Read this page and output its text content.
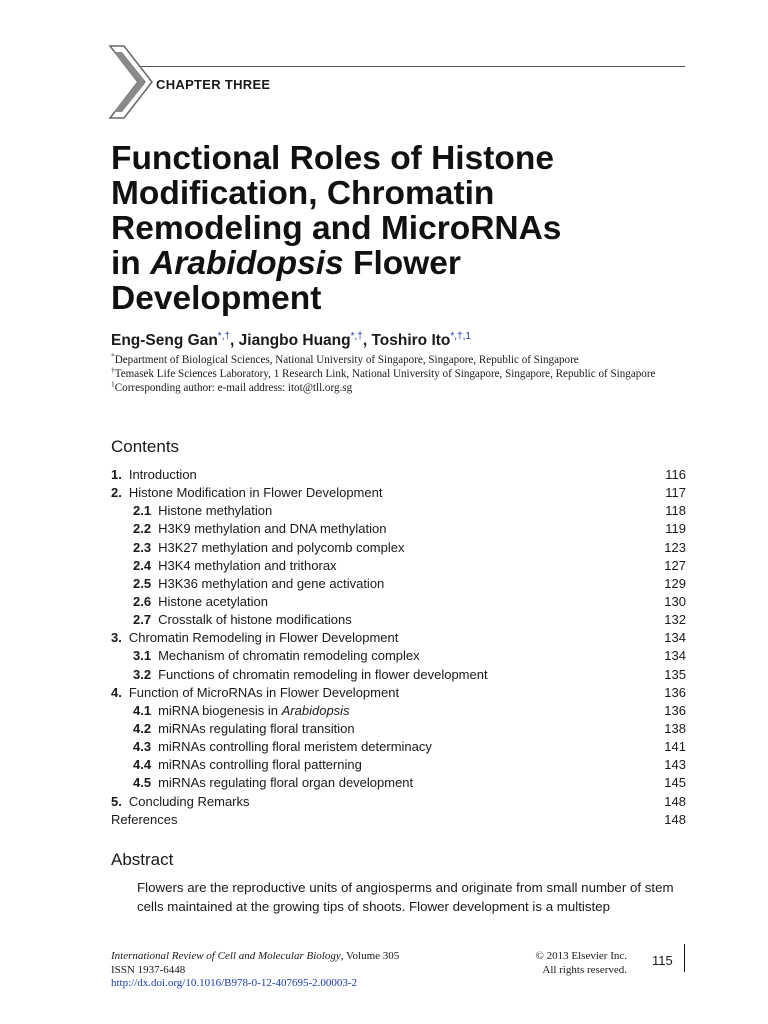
CHAPTER THREE
Functional Roles of Histone
Modification, Chromatin
Remodeling and MicroRNAs
in Arabidopsis Flower
Development
Eng-Seng Gan*,†, Jiangbo Huang*,†, Toshiro Ito$^{*,\dagger,1}$
*Department of Biological Sciences, National University of Singapore, Singapore, Republic of Singapore
†Temasek Life Sciences Laboratory, 1 Research Link, National University of Singapore, Singapore, Republic of Singapore
$^1$Corresponding author: e-mail address: itot@tll.org.sg
Contents
1. Introduction	116
2. Histone Modification in Flower Development	117
2.1 Histone methylation	118
2.2 H3K9 methylation and DNA methylation	119
2.3 H3K27 methylation and polycomb complex	123
2.4 H3K4 methylation and trithorax	127
2.5 H3K36 methylation and gene activation	129
2.6 Histone acetylation	130
2.7 Crosstalk of histone modifications	132
3. Chromatin Remodeling in Flower Development	134
3.1 Mechanism of chromatin remodeling complex	134
3.2 Functions of chromatin remodeling in flower development	135
4. Function of MicroRNAs in Flower Development	136
4.1 miRNA biogenesis in Arabidopsis	136
4.2 miRNAs regulating floral transition	138
4.3 miRNAs controlling floral meristem determinacy	141
4.4 miRNAs controlling floral patterning	143
4.5 miRNAs regulating floral organ development	145
5. Concluding Remarks	148
References	148
Abstract

Flowers are the reproductive units of angiosperms and originate from small number of stem cells maintained at the growing tips of shoots. Flower development is a multistep

International Review of Cell and Molecular Biology, Volume 305
ISSN 1937-6448
http://dx.doi.org/10.1016/B978-0-12-407695-2.00003-2
© 2013 Elsevier Inc.
All rights reserved.
115
